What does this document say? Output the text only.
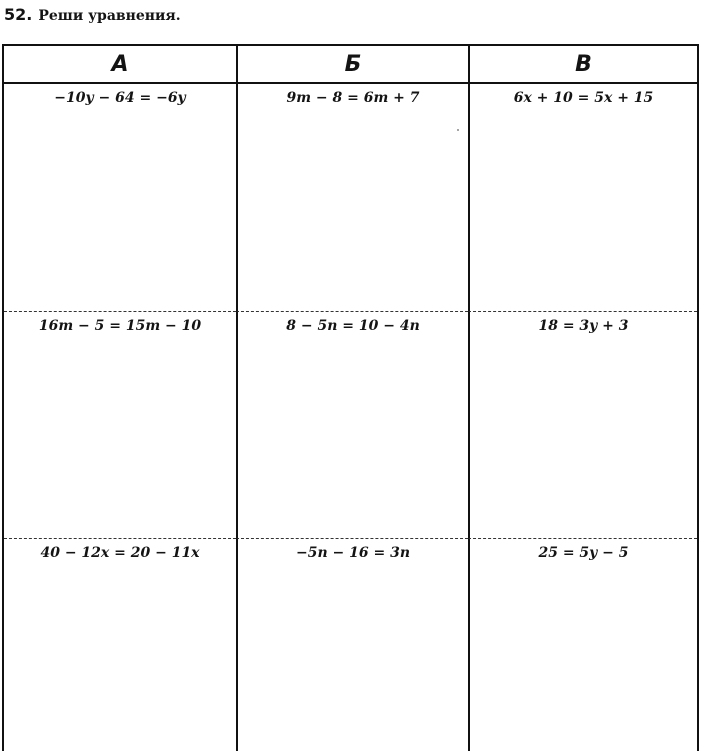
52. Реши уравнения.
А	Б	В
−10y − 64 = −6y	9m − 8 = 6m + 7	6x + 10 = 5x + 15
16m − 5 = 15m − 10	8 − 5n = 10 − 4n	18 = 3y + 3
40 − 12x = 20 − 11x	−5n − 16 = 3n	25 = 5y − 5
